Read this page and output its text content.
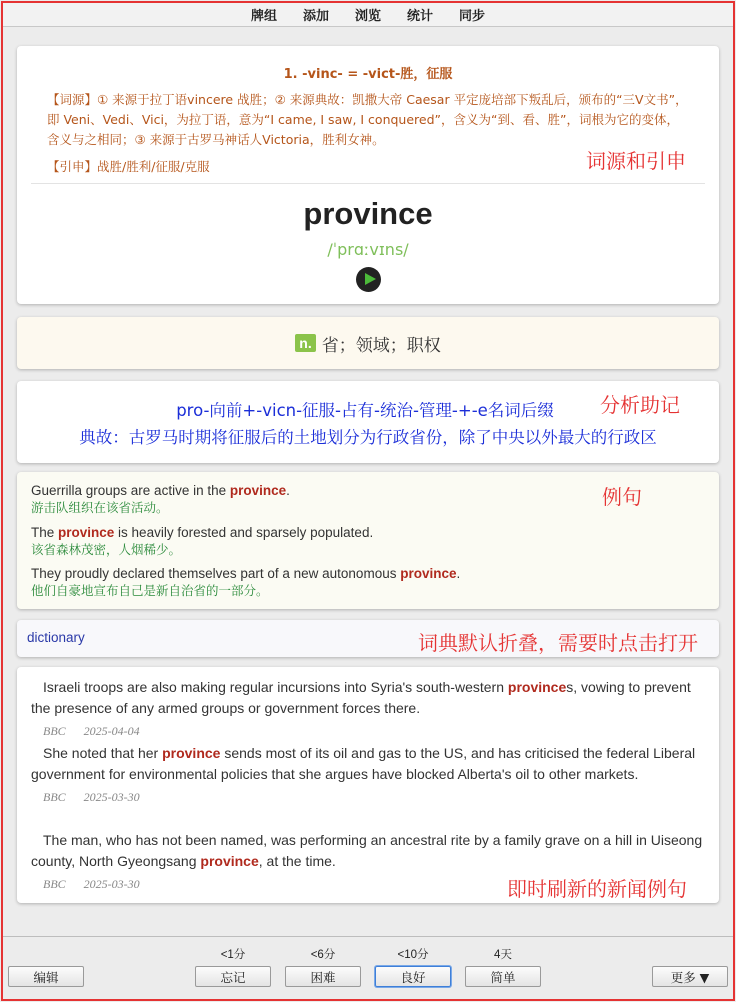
牌组	添加	浏览	统计	同步
1. -vinc- = -vict-胜，征服
【词源】① 来源于拉丁语vincere 战胜；② 来源典故：凯撒大帝 Caesar 平定庞培部下叛乱后，颁布的“三V文书”，即 Veni、Vedi、Vici，为拉丁语，意为“I came, I saw, I conquered”，含义为“到、看、胜”，词根为它的变体，含义与之相同；③ 来源于古罗马神话人Victoria，胜利女神。
【引申】战胜/胜利/征服/克服
province
/ˈprɑːvɪns/
词源和引申
n. 省；领域；职权
pro-向前+-vicn-征服-占有-统治-管理-+-e名词后缀
典故：古罗马时期将征服后的土地划分为行政省份，除了中央以外最大的行政区
分析助记
Guerrilla groups are active in the province.
游击队组织在该省活动。
The province is heavily forested and sparsely populated.
该省森林茂密，人烟稀少。
They proudly declared themselves part of a new autonomous province.
他们自豪地宣布自己是新自治省的一部分。
例句
dictionary	词典默认折叠，需要时点击打开
Israeli troops are also making regular incursions into Syria's south-western provinces, vowing to prevent the presence of any armed groups or government forces there.
BBC 2025-04-04
She noted that her province sends most of its oil and gas to the US, and has criticised the federal Liberal government for environmental policies that she argues have blocked Alberta's oil to other markets.
BBC 2025-03-30
The man, who has not been named, was performing an ancestral rite by a family grave on a hill in Uiseong county, North Gyeongsang province, at the time.
BBC 2025-03-30	即时刷新的新闻例句
编辑
<1分
忘记
<6分
困难
<10分
良好
4天
简单	更多 ▼
